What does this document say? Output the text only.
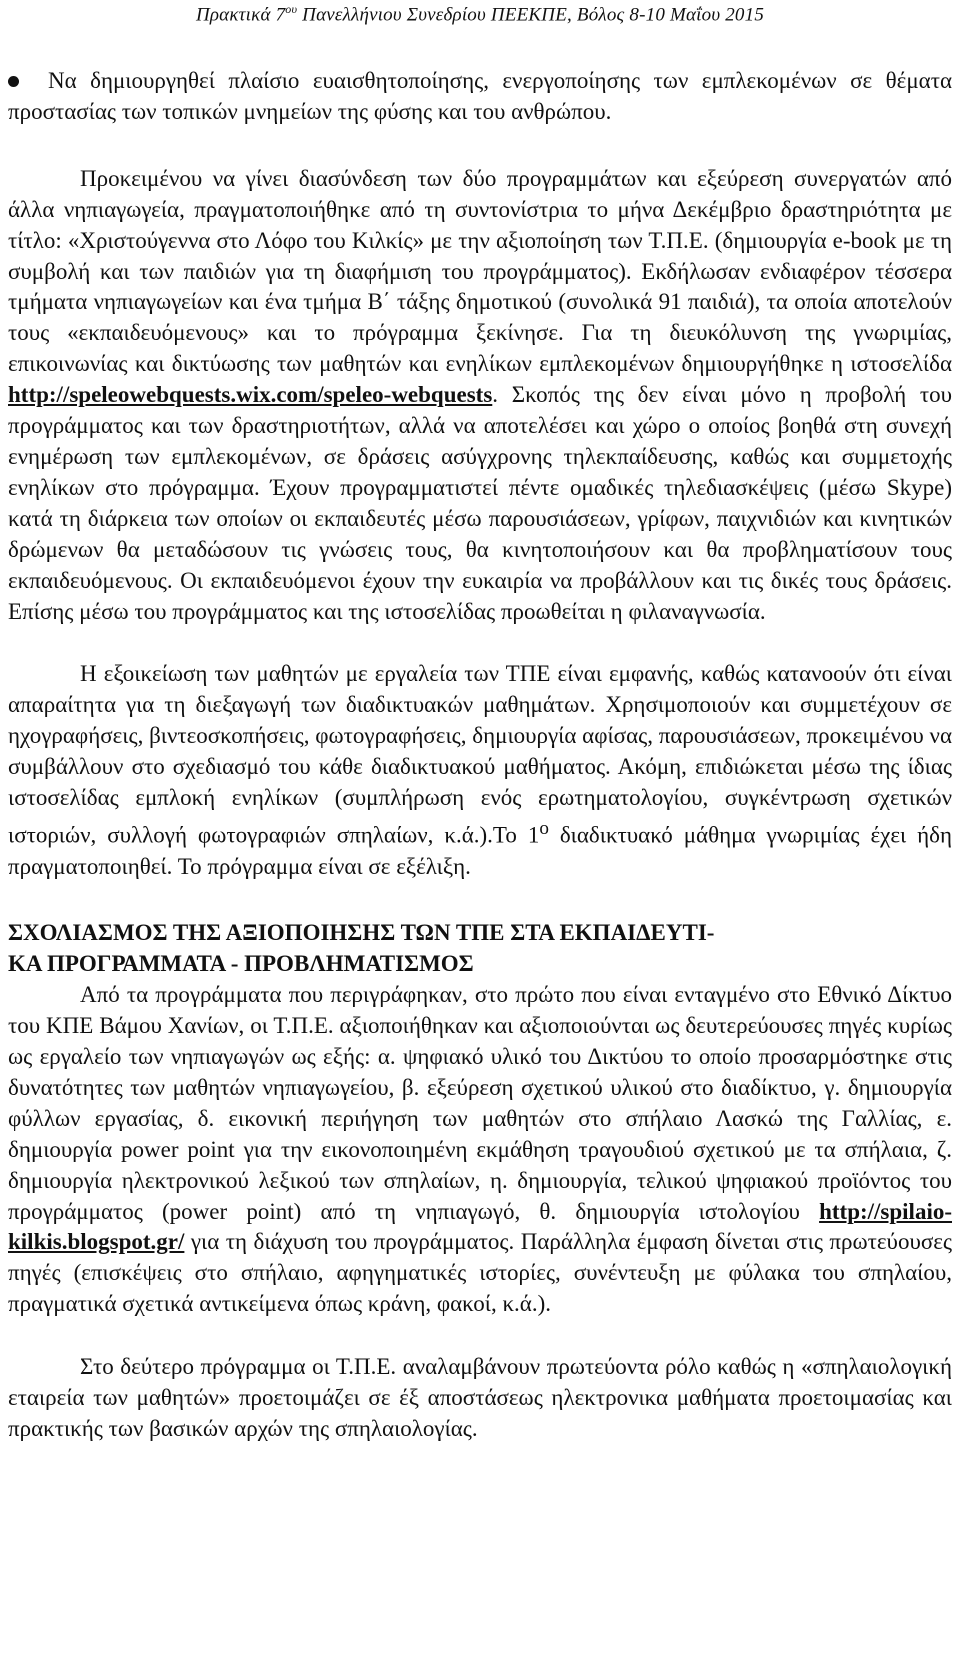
Πρακτικά $7^{o\upsilon}$ Πανελλήνιου Συνεδρίου ΠΕΕΚΠΕ, Βόλος 8-10 Μαΐου 2015

Να δημιουργηθεί πλαίσιο ευαισθητοποίησης, ενεργοποίησης των εμπλεκομένων σε θέματα προστασίας των τοπικών μνημείων της φύσης και του ανθρώπου.

Προκειμένου να γίνει διασύνδεση των δύο προγραμμάτων και εξεύρεση συνεργατών από άλλα νηπιαγωγεία, πραγματοποιήθηκε από τη συντονίστρια το μήνα Δεκέμβριο δραστηριότητα με τίτλο: «Χριστούγεννα στο Λόφο του Κιλκίς» με την αξιοποίηση των Τ.Π.Ε. (δημιουργία e-book με τη συμβολή και των παιδιών για τη διαφήμιση του προγράμματος). Εκδήλωσαν ενδιαφέρον τέσσερα τμήματα νηπιαγωγείων και ένα τμήμα Β΄ τάξης δημοτικού (συνολικά 91 παιδιά), τα οποία αποτελούν τους «εκπαιδευόμενους» και το πρόγραμμα ξεκίνησε. Για τη διευκόλυνση της γνωριμίας, επικοινωνίας και δικτύωσης των μαθητών και ενηλίκων εμπλεκομένων δημιουργήθηκε η ιστοσελίδα http://speleowebquests.wix.com/speleo-webquests. Σκοπός της δεν είναι μόνο η προβολή του προγράμματος και των δραστηριοτήτων, αλλά να αποτελέσει και χώρο ο οποίος βοηθά στη συνεχή ενημέρωση των εμπλεκομένων, σε δράσεις ασύγχρονης τηλεκπαίδευσης, καθώς και συμμετοχής ενηλίκων στο πρόγραμμα. Έχουν προγραμματιστεί πέντε ομαδικές τηλεδιασκέψεις (μέσω Skype) κατά τη διάρκεια των οποίων οι εκπαιδευτές μέσω παρουσιάσεων, γρίφων, παιχνιδιών και κινητικών δρώμενων θα μεταδώσουν τις γνώσεις τους, θα κινητοποιήσουν και θα προβληματίσουν τους εκπαιδευόμενους. Οι εκπαιδευόμενοι έχουν την ευκαιρία να προβάλλουν και τις δικές τους δράσεις. Επίσης μέσω του προγράμματος και της ιστοσελίδας προωθείται η φιλαναγνωσία.

Η εξοικείωση των μαθητών με εργαλεία των ΤΠΕ είναι εμφανής, καθώς κατανοούν ότι είναι απαραίτητα για τη διεξαγωγή των διαδικτυακών μαθημάτων. Χρησιμοποιούν και συμμετέχουν σε ηχογραφήσεις, βιντεοσκοπήσεις, φωτογραφήσεις, δημιουργία αφίσας, παρουσιάσεων, προκειμένου να συμβάλλουν στο σχεδιασμό του κάθε διαδικτυακού μαθήματος. Ακόμη, επιδιώκεται μέσω της ίδιας ιστοσελίδας εμπλοκή ενηλίκων (συμπλήρωση ενός ερωτηματολογίου, συγκέντρωση σχετικών ιστοριών, συλλογή φωτογραφιών σπηλαίων, κ.ά.).Το $1^o$ διαδικτυακό μάθημα γνωριμίας έχει ήδη πραγματοποιηθεί. Το πρόγραμμα είναι σε εξέλιξη.

ΣΧΟΛΙΑΣΜΟΣ ΤΗΣ ΑΞΙΟΠΟΙΗΣΗΣ ΤΩΝ ΤΠΕ ΣΤΑ ΕΚΠΑΙΔΕΥΤΙ-
ΚΑ ΠΡΟΓΡΑΜΜΑΤΑ - ΠΡΟΒΛΗΜΑΤΙΣΜΟΣ

Από τα προγράμματα που περιγράφηκαν, στο πρώτο που είναι ενταγμένο στο Εθνικό Δίκτυο του ΚΠΕ Βάμου Χανίων, οι Τ.Π.Ε. αξιοποιήθηκαν και αξιοποιούνται ως δευτερεύουσες πηγές κυρίως ως εργαλείο των νηπιαγωγών ως εξής: α. ψηφιακό υλικό του Δικτύου το οποίο προσαρμόστηκε στις δυνατότητες των μαθητών νηπιαγωγείου, β. εξεύρεση σχετικού υλικού στο διαδίκτυο, γ. δημιουργία φύλλων εργασίας, δ. εικονική περιήγηση των μαθητών στο σπήλαιο Λασκώ της Γαλλίας, ε. δημιουργία power point για την εικονοποιημένη εκμάθηση τραγουδιού σχετικού με τα σπήλαια, ζ. δημιουργία ηλεκτρονικού λεξικού των σπηλαίων, η. δημιουργία, τελικού ψηφιακού προϊόντος του προγράμματος (power point) από τη νηπιαγωγό, θ. δημιουργία ιστολογίου http://spilaio-kilkis.blogspot.gr/ για τη διάχυση του προγράμματος. Παράλληλα έμφαση δίνεται στις πρωτεύουσες πηγές (επισκέψεις στο σπήλαιο, αφηγηματικές ιστορίες, συνέντευξη με φύλακα του σπηλαίου, πραγματικά σχετικά αντικείμενα όπως κράνη, φακοί, κ.ά.).

Στο δεύτερο πρόγραμμα οι Τ.Π.Ε. αναλαμβάνουν πρωτεύοντα ρόλο καθώς η «σπηλαιολογική εταιρεία των μαθητών» προετοιμάζει σε έξ αποστάσεως ηλεκτρονικα μαθήματα προετοιμασίας και πρακτικής των βασικών αρχών της σπηλαιολογίας.
